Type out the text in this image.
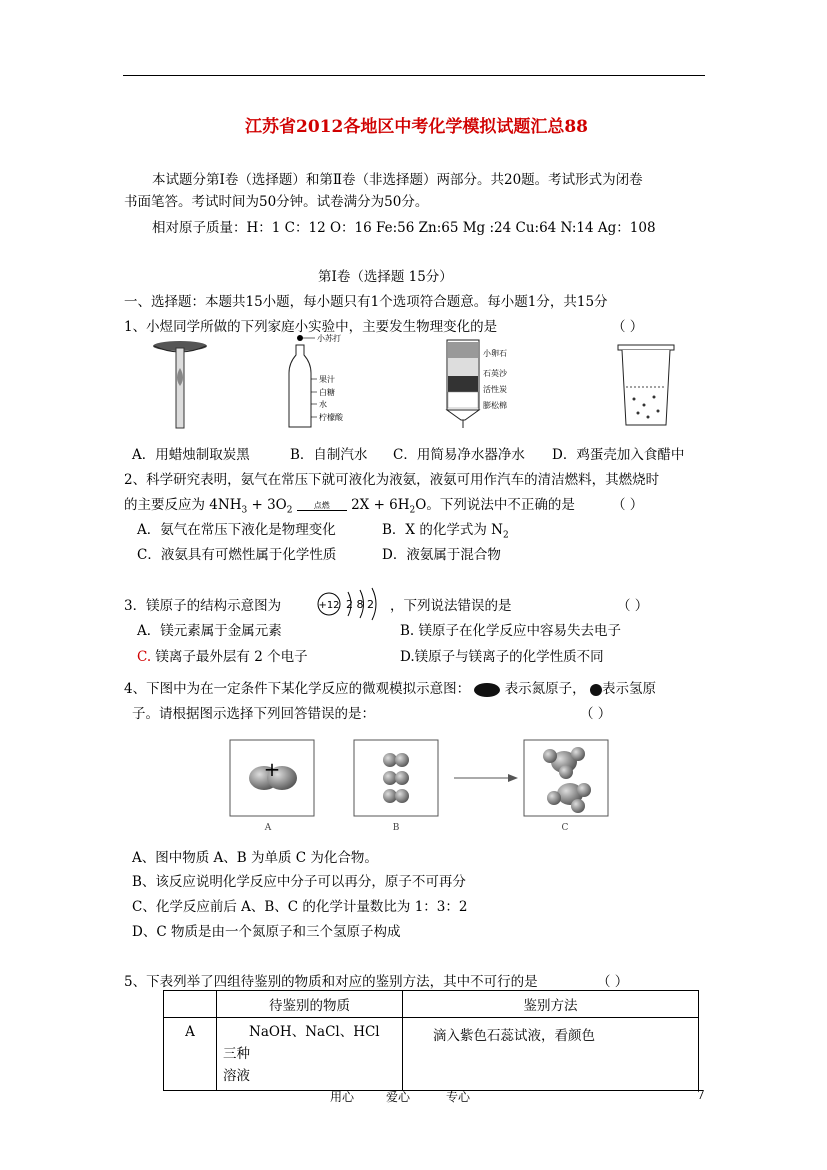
江苏省2012各地区中考化学模拟试题汇总88
本试题分第Ⅰ卷（选择题）和第Ⅱ卷（非选择题）两部分。共20题。考试形式为闭卷
书面笔答。考试时间为50分钟。试卷满分为50分。
相对原子质量：H：1 C：12 O：16 Fe:56 Zn:65 Mg :24 Cu:64 N:14 Ag：108
第Ⅰ卷（选择题 15分）
一、选择题：本题共15小题，每小题只有1个选项符合题意。每小题1分，共15分
1、小煜同学所做的下列家庭小实验中，主要发生物理变化的是	（ ）
小苏打
果汁
白糖
水
柠檬酸
小卵石
石英沙
活性炭
膨松棉
A．用蜡烛制取炭黑	B．自制汽水 C．用简易净水器净水 D．鸡蛋壳加入食醋中
2、科学研究表明，氨气在常压下就可液化为液氨，液氨可用作汽车的清洁燃料，其燃烧时
的主要反应为 $4NH_3 + 3O_2$ $^{点燃}$
$2X + 6H_2O$。下列说法中不正确的是	（ ）
A．氨气在常压下液化是物理变化	B．X 的化学式为 $N_2$
C．液氨具有可燃性属于化学性质	D．液氨属于混合物
3．镁原子的结构示意图为	+12 2 8 2 ，下列说法错误的是	（ ）
A．镁元素属于金属元素	B. 镁原子在化学反应中容易失去电子
C. 镁离子最外层有 2 个电子	D.镁原子与镁离子的化学性质不同
4、下图中为在一定条件下某化学反应的微观模拟示意图：	表示氮原子， 表示氢原
子。请根据图示选择下列回答错误的是：	（ ）
+
A	B	C
A、图中物质 A、B 为单质 C 为化合物。
B、该反应说明化学反应中分子可以再分，原子不可再分
C、化学反应前后 A、B、C 的化学计量数比为 1：3：2
D、C 物质是由一个氮原子和三个氢原子构成
5、下表列举了四组待鉴别的物质和对应的鉴别方法，其中不可行的是	（ ）
	待鉴别的物质	鉴别方法
A	NaOH、NaCl、HCl 三种
溶液	滴入紫色石蕊试液，看颜色
用心	爱心	专心	7
